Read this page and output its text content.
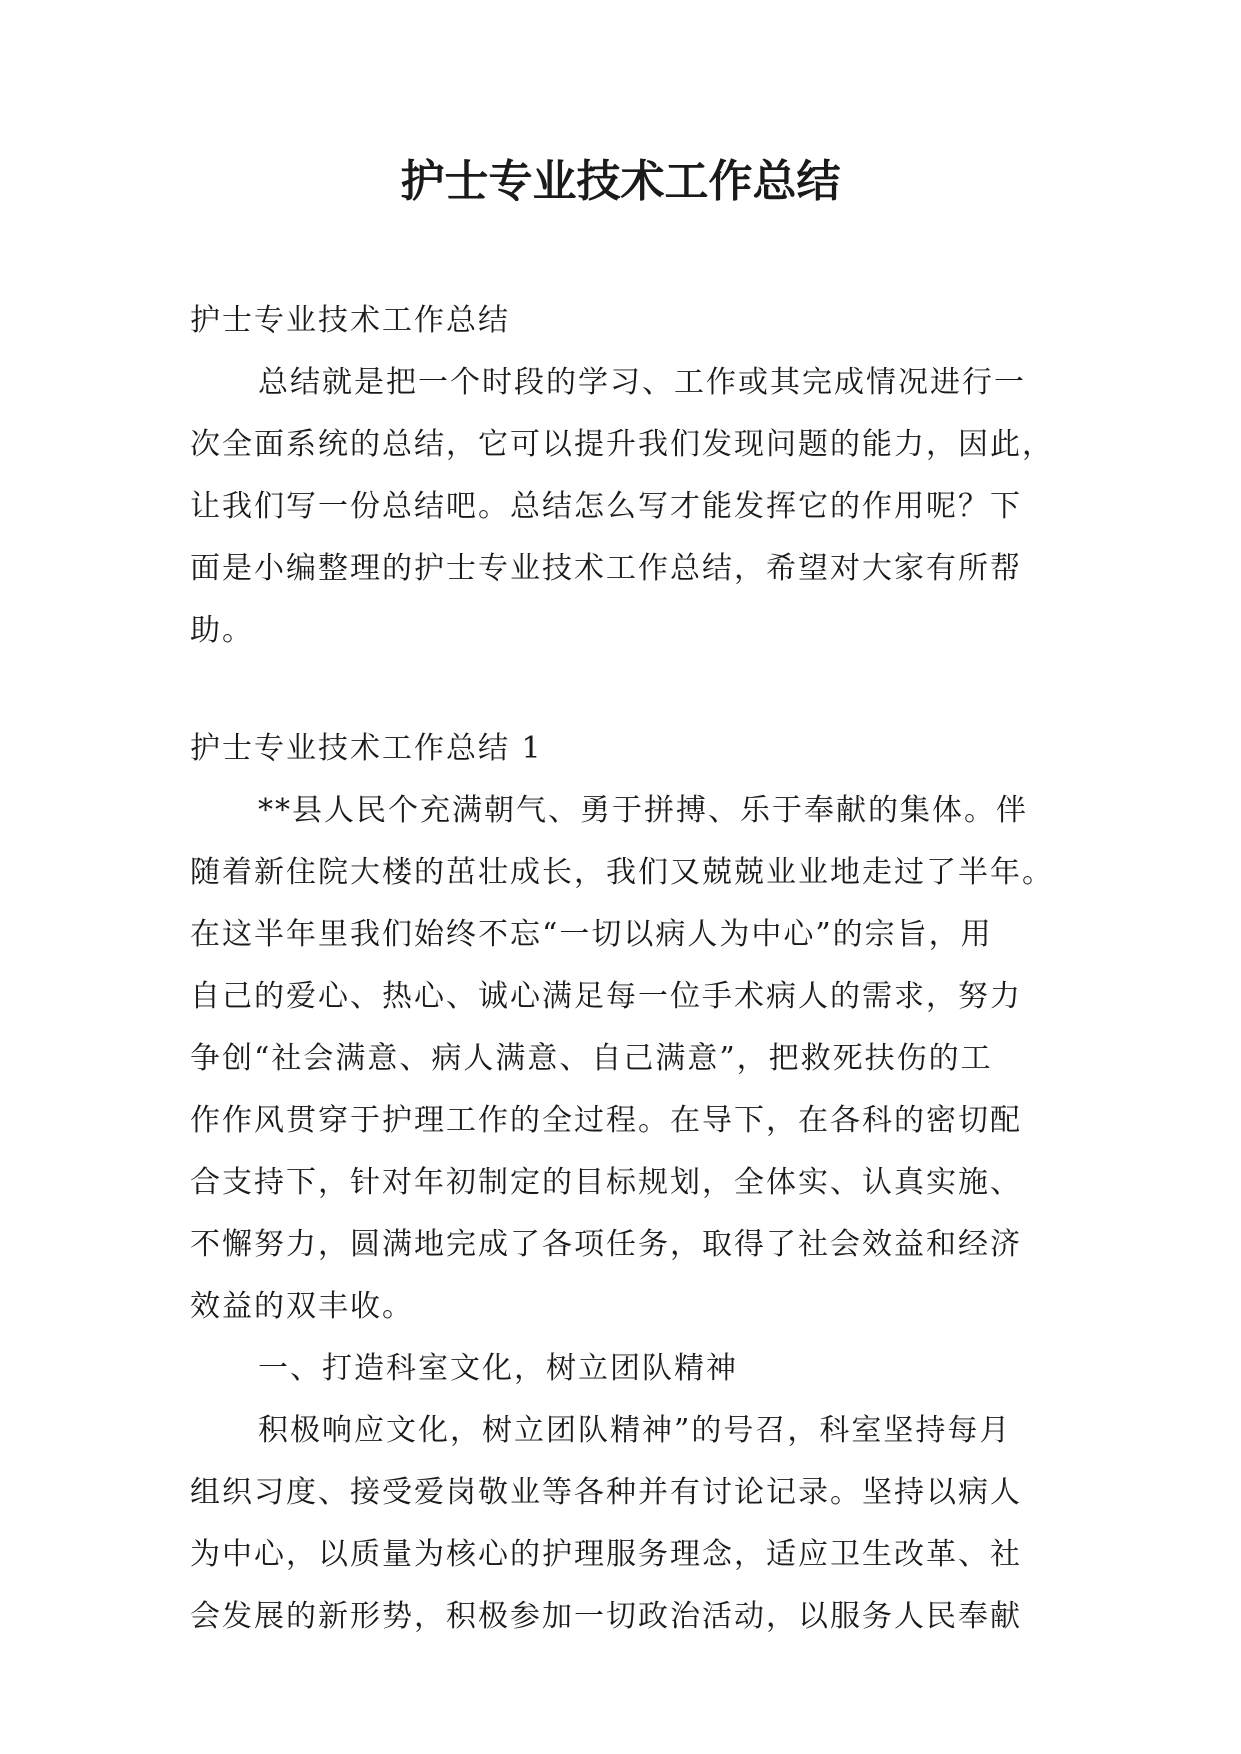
护士专业技术工作总结
护士专业技术工作总结
总结就是把一个时段的学习、工作或其完成情况进行一
次全面系统的总结，它可以提升我们发现问题的能力，因此，
让我们写一份总结吧。总结怎么写才能发挥它的作用呢？下
面是小编整理的护士专业技术工作总结，希望对大家有所帮
助。
护士专业技术工作总结 1
**县人民个充满朝气、勇于拼搏、乐于奉献的集体。伴
随着新住院大楼的茁壮成长，我们又兢兢业业地走过了半年。
在这半年里我们始终不忘“一切以病人为中心”的宗旨，用
自己的爱心、热心、诚心满足每一位手术病人的需求，努力
争创“社会满意、病人满意、自己满意”，把救死扶伤的工
作作风贯穿于护理工作的全过程。在导下，在各科的密切配
合支持下，针对年初制定的目标规划，全体实、认真实施、
不懈努力，圆满地完成了各项任务，取得了社会效益和经济
效益的双丰收。
一、打造科室文化，树立团队精神
积极响应文化，树立团队精神”的号召，科室坚持每月
组织习度、接受爱岗敬业等各种并有讨论记录。坚持以病人
为中心，以质量为核心的护理服务理念，适应卫生改革、社
会发展的新形势，积极参加一切政治活动，以服务人民奉献
